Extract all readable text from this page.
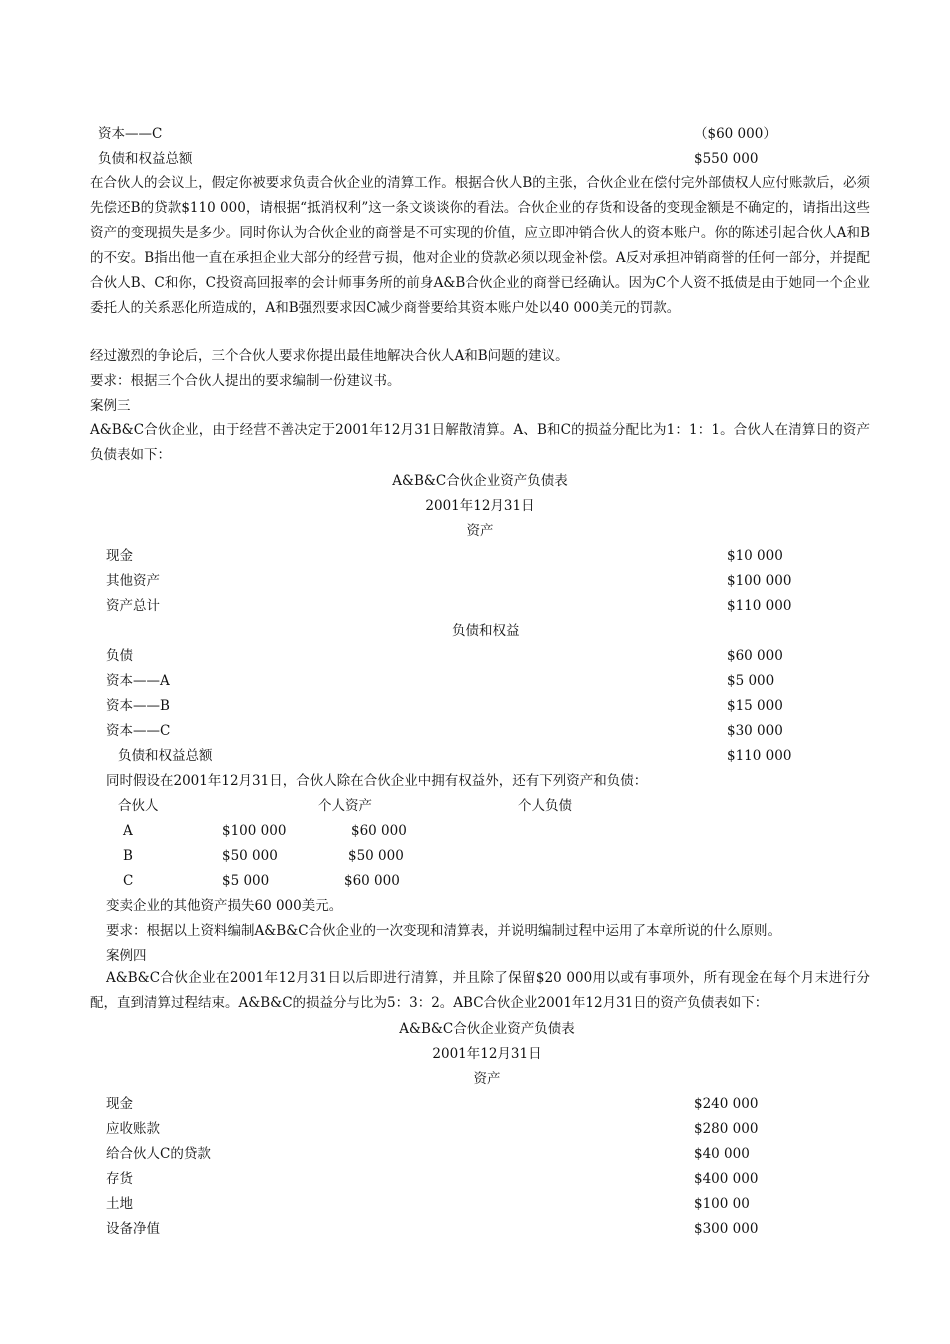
资本——C	（$60 000）
负债和权益总额	$550 000
在合伙人的会议上，假定你被要求负责合伙企业的清算工作。根据合伙人B的主张，合伙企业在偿付完外部债权人应付账款后，必须先偿还B的贷款$110 000，请根据“抵消权利”这一条文谈谈你的看法。合伙企业的存货和设备的变现金额是不确定的，请指出这些资产的变现损失是多少。同时你认为合伙企业的商誉是不可实现的价值，应立即冲销合伙人的资本账户。你的陈述引起合伙人A和B的不安。B指出他一直在承担企业大部分的经营亏损，他对企业的贷款必须以现金补偿。A反对承担冲销商誉的任何一部分，并提配合伙人B、C和你，C投资高回报率的会计师事务所的前身A&B合伙企业的商誉已经确认。因为C个人资不抵债是由于她同一个企业委托人的关系恶化所造成的，A和B强烈要求因C减少商誉要给其资本账户处以40 000美元的罚款。
经过激烈的争论后，三个合伙人要求你提出最佳地解决合伙人A和B问题的建议。
要求：根据三个合伙人提出的要求编制一份建议书。
案例三
A&B&C合伙企业，由于经营不善决定于2001年12月31日解散清算。A、B和C的损益分配比为1：1：1。合伙人在清算日的资产负债表如下：
A&B&C合伙企业资产负债表
2001年12月31日
资产
现金	$10 000
其他资产	$100 000
资产总计	$110 000
负债和权益
负债	$60 000
资本——A	$5 000
资本——B	$15 000
资本——C	$30 000
负债和权益总额	$110 000
同时假设在2001年12月31日，合伙人除在合伙企业中拥有权益外，还有下列资产和负债：
合伙人	个人资产	个人负债
A	$100 000	$60 000
B	$50 000	$50 000
C	$5 000	$60 000
变卖企业的其他资产损失60 000美元。
要求：根据以上资料编制A&B&C合伙企业的一次变现和清算表，并说明编制过程中运用了本章所说的什么原则。
案例四
A&B&C合伙企业在2001年12月31日以后即进行清算，并且除了保留$20 000用以或有事项外，所有现金在每个月末进行分配，直到清算过程结束。A&B&C的损益分与比为5：3：2。ABC合伙企业2001年12月31日的资产负债表如下：
A&B&C合伙企业资产负债表
2001年12月31日
资产
现金	$240 000
应收账款	$280 000
给合伙人C的贷款	$40 000
存货	$400 000
土地	$100 00
设备净值	$300 000
